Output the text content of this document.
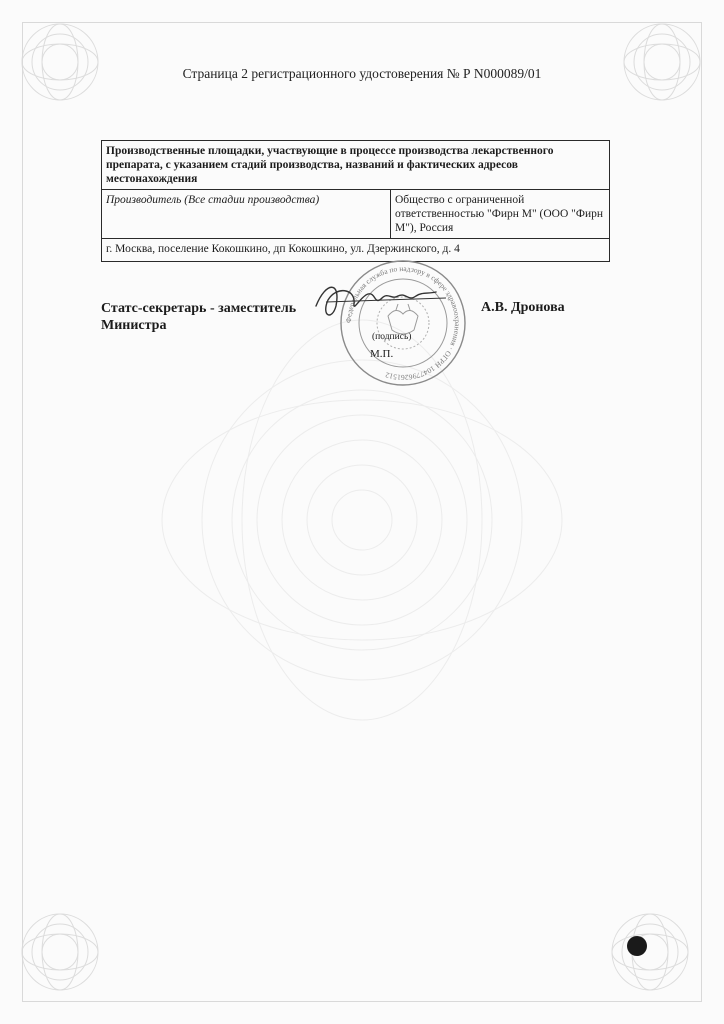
Страница 2 регистрационного удостоверения № Р N000089/01
Производственные площадки, участвующие в процессе производства лекарственного препарата, с указанием стадий производства, названий и фактических адресов местонахождения
Производитель (Все стадии производства)	Общество с ограниченной ответственностью "Фирн М" (ООО "Фирн М"), Россия
г. Москва, поселение Кокошкино, дп Кокошкино, ул. Дзержинского, д. 4
Статс-секретарь - заместитель Министра
А.В. Дронова
Федеральная служба по надзору в сфере здравоохранения · ОГРН 1047796261512
(подпись)
М.П.
